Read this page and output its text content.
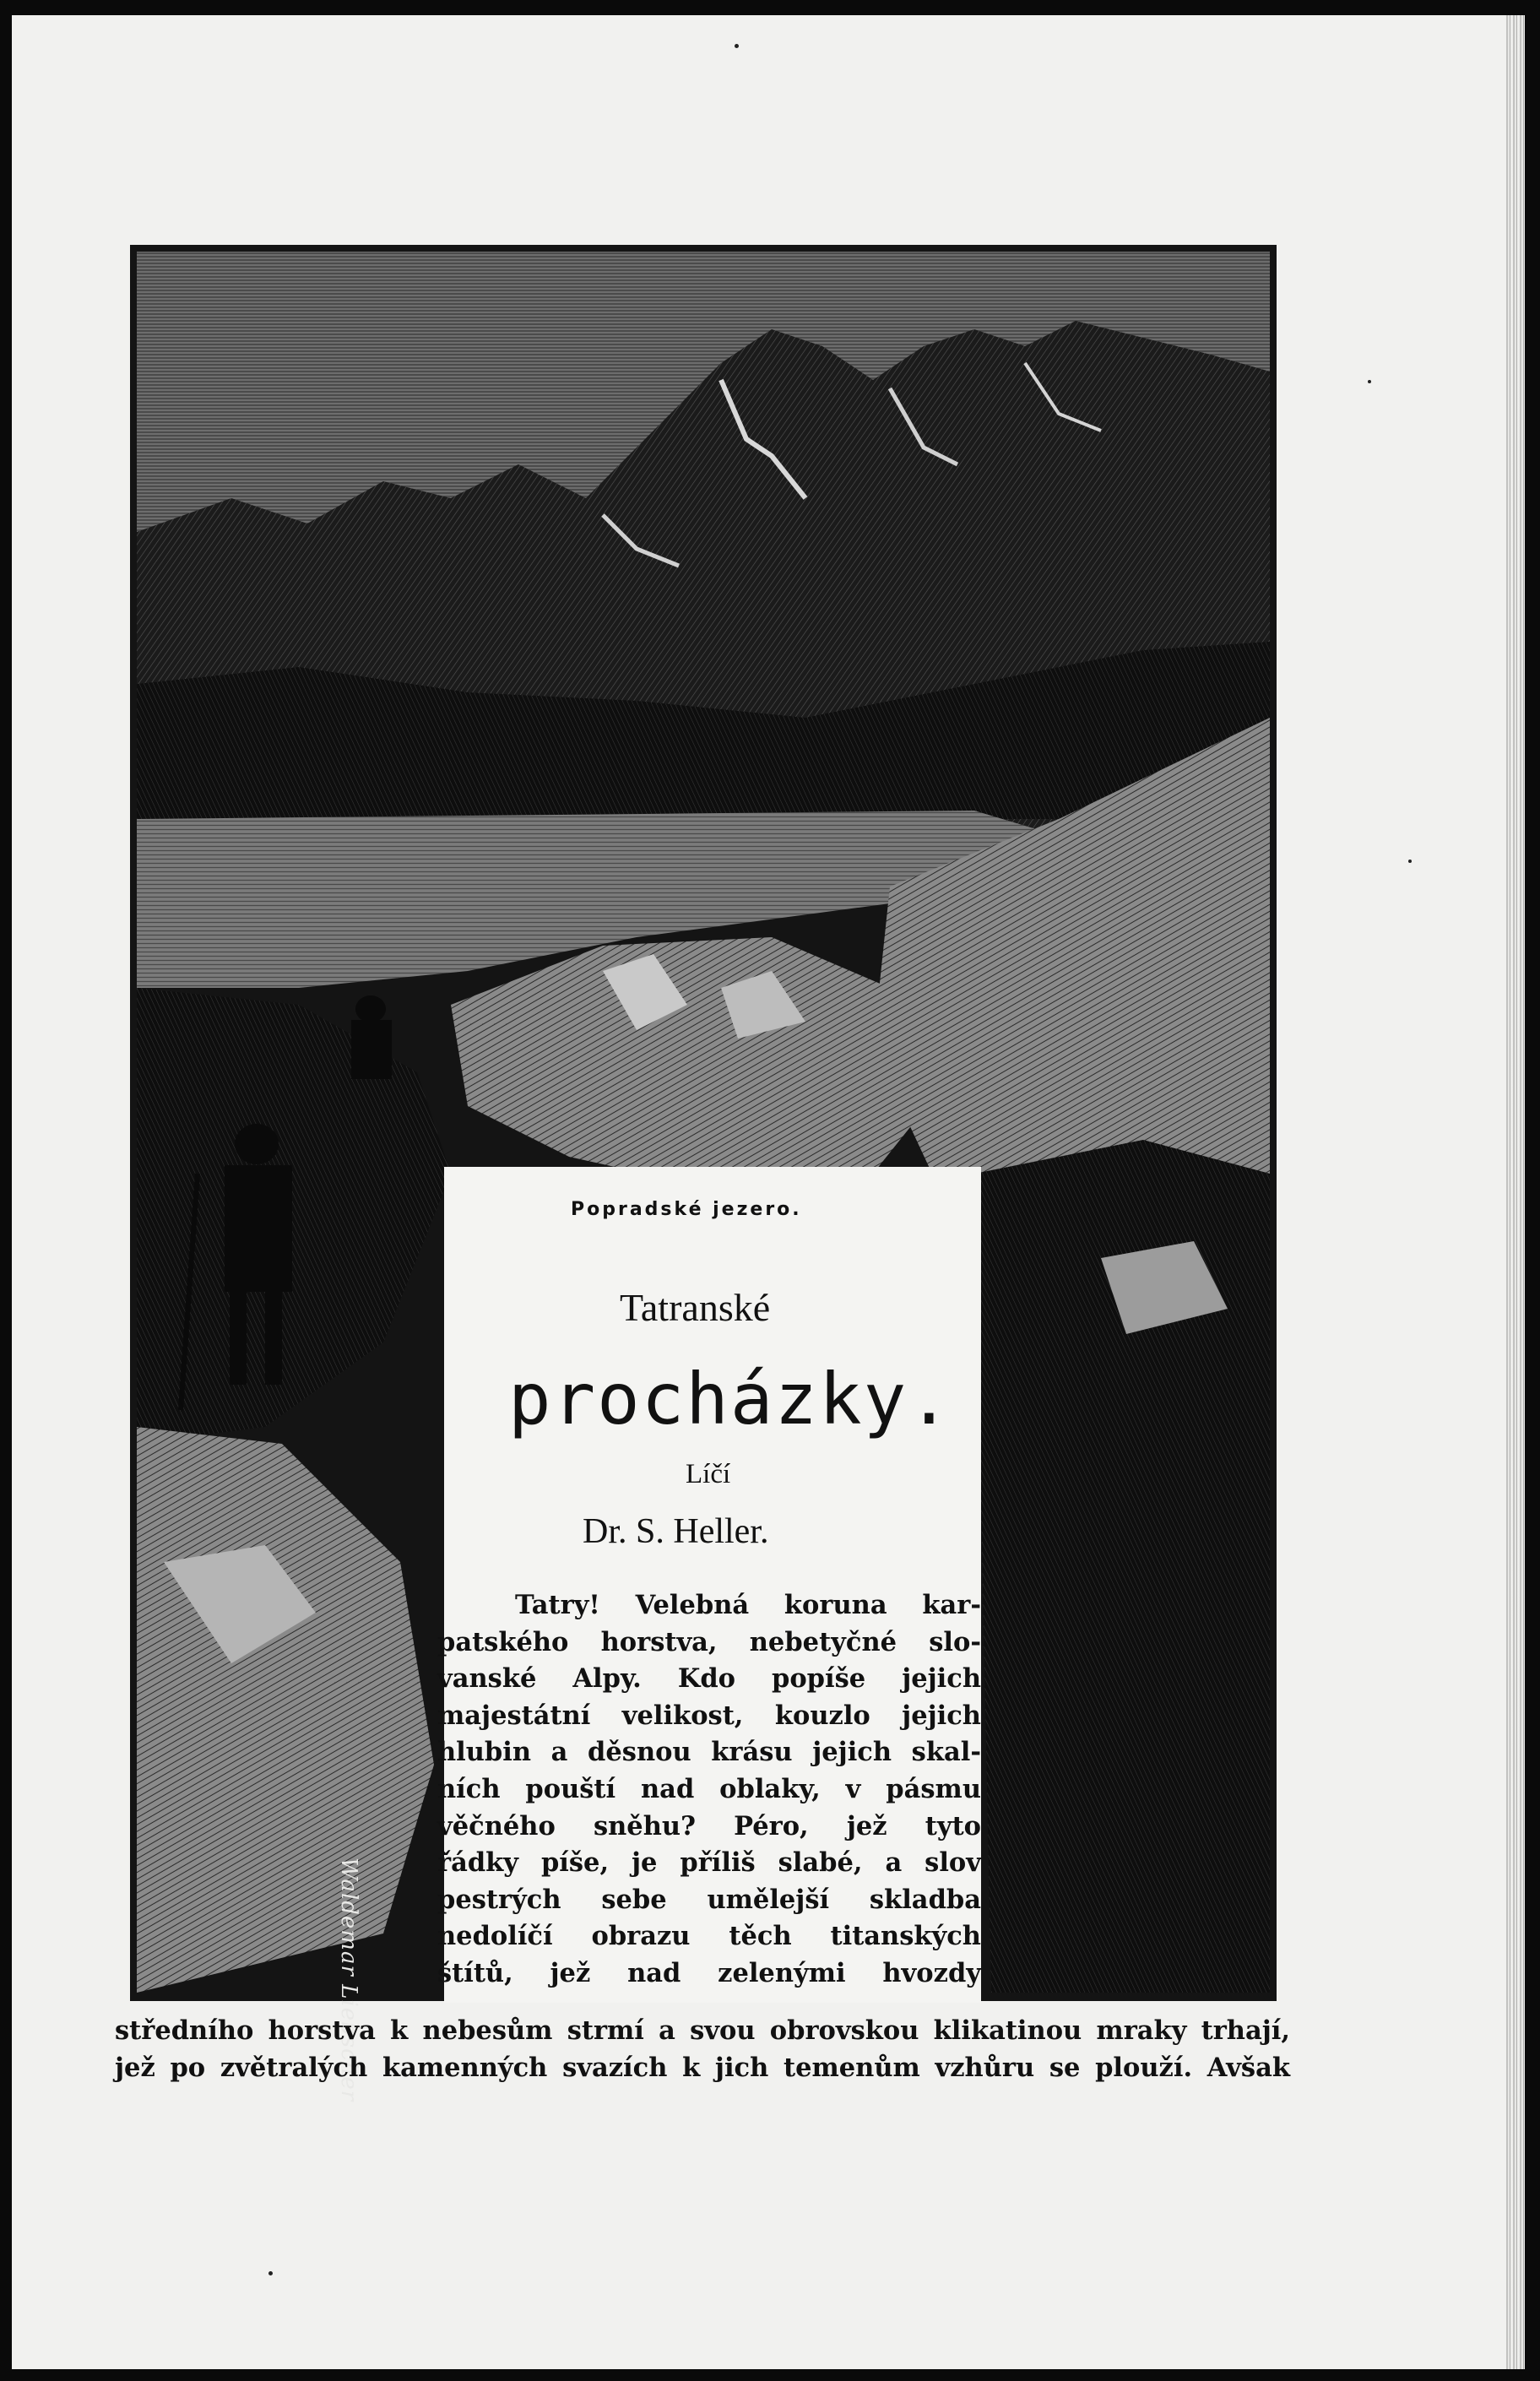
Waldemar Liebscher
Popradské jezero.
Tatranské
procházky.
Líčí
Dr. S. Heller.
Tatry! Velebná koruna kar-
patského horstva, nebetyčné slo-
vanské Alpy. Kdo popíše jejich
majestátní velikost, kouzlo jejich
hlubin a děsnou krásu jejich skal-
ních pouští nad oblaky, v pásmu
věčného sněhu? Péro, jež tyto
řádky píše, je příliš slabé, a slov
pestrých sebe umělejší skladba
nedolíčí obrazu těch titanských
štítů, jež nad zelenými hvozdy
středního horstva k nebesům strmí a svou obrovskou klikatinou mraky trhají,
jež po zvětralých kamenných svazích k jich temenům vzhůru se plouží. Avšak
